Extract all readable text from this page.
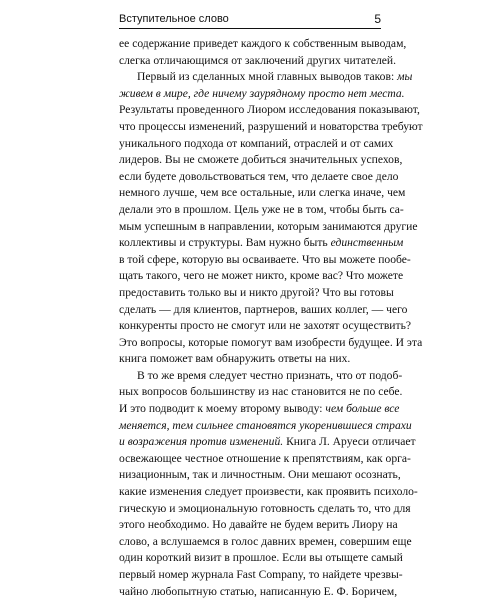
Вступительное слово	5
ее содержание приведет каждого к собственным выводам,
слегка отличающимся от заключений других читателей.
Первый из сделанных мной главных выводов таков: мы
живем в мире, где ничему заурядному просто нет места.
Результаты проведенного Лиором исследования показывают,
что процессы изменений, разрушений и новаторства требуют
уникального подхода от компаний, отраслей и от самих
лидеров. Вы не сможете добиться значительных успехов,
если будете довольствоваться тем, что делаете свое дело
немного лучше, чем все остальные, или слегка иначе, чем
делали это в прошлом. Цель уже не в том, чтобы быть са-
мым успешным в направлении, которым занимаются другие
коллективы и структуры. Вам нужно быть единственным
в той сфере, которую вы осваиваете. Что вы можете пообе-
щать такого, чего не может никто, кроме вас? Что можете
предоставить только вы и никто другой? Что вы готовы
сделать — для клиентов, партнеров, ваших коллег, — чего
конкуренты просто не смогут или не захотят осуществить?
Это вопросы, которые помогут вам изобрести будущее. И эта
книга поможет вам обнаружить ответы на них.
В то же время следует честно признать, что от подоб-
ных вопросов большинству из нас становится не по себе.
И это подводит к моему второму выводу: чем больше все
меняется, тем сильнее становятся укоренившиеся страхи
и возражения против изменений. Книга Л. Аруеси отличает
освежающее честное отношение к препятствиям, как орга-
низационным, так и личностным. Они мешают осознать,
какие изменения следует произвести, как проявить психоло-
гическую и эмоциональную готовность сделать то, что для
этого необходимо. Но давайте не будем верить Лиору на
слово, а вслушаемся в голос давних времен, совершим еще
один короткий визит в прошлое. Если вы отыщете самый
первый номер журнала Fast Company, то найдете чрезвы-
чайно любопытную статью, написанную Е. Ф. Боричем,
